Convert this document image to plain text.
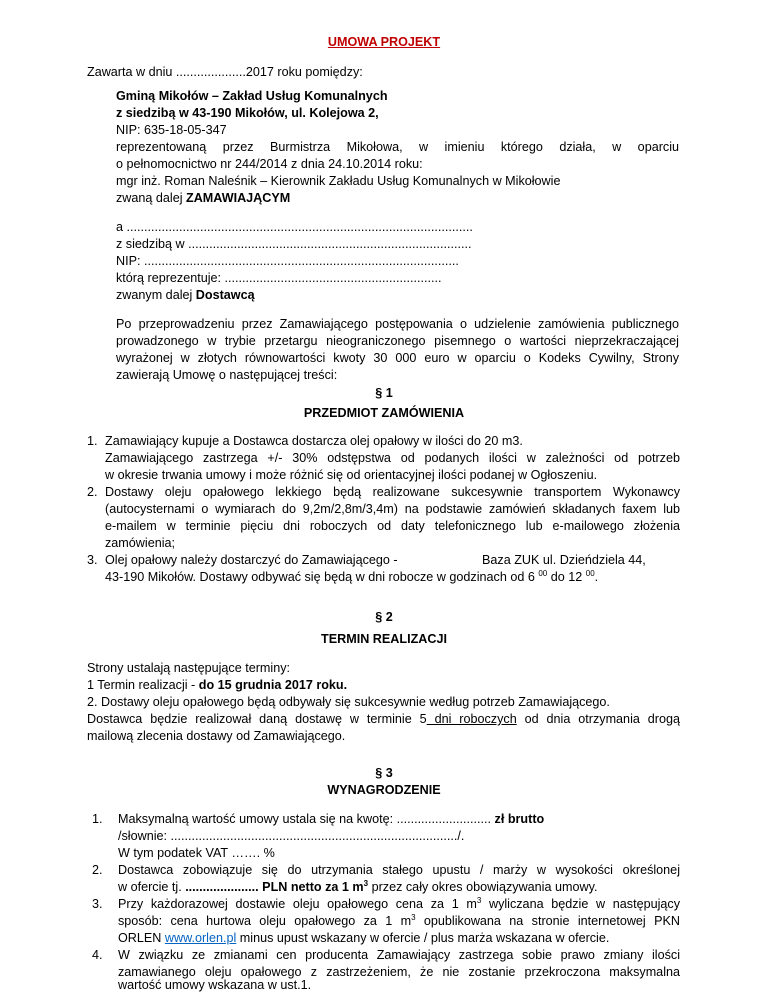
UMOWA PROJEKT
Zawarta w dniu ....................2017 roku pomiędzy:
Gminą Mikołów – Zakład Usług Komunalnych
z siedzibą w 43-190 Mikołów, ul. Kolejowa 2,
NIP: 635-18-05-347
reprezentowaną przez Burmistrza Mikołowa, w imieniu którego działa, w oparciu
o pełnomocnictwo nr 244/2014 z dnia 24.10.2014 roku:
mgr inż. Roman Naleśnik – Kierownik Zakładu Usług Komunalnych w Mikołowie
zwaną dalej ZAMAWIAJĄCYM
a ...................................................................................................
z siedzibą w .................................................................................
NIP: ..........................................................................................
którą reprezentuje: ..............................................................
zwanym dalej Dostawcą
Po przeprowadzeniu przez Zamawiającego postępowania o udzielenie zamówienia publicznego
prowadzonego w trybie przetargu nieograniczonego pisemnego o wartości nieprzekraczającej
wyrażonej w złotych równowartości kwoty 30 000 euro w oparciu o Kodeks Cywilny, Strony
zawierają Umowę o następującej treści:
§ 1
PRZEDMIOT ZAMÓWIENIA
1. Zamawiający kupuje a Dostawca dostarcza olej opałowy w ilości do 20 m3.
Zamawiającego zastrzega +/- 30% odstępstwa od podanych ilości w zależności od potrzeb
w okresie trwania umowy i może różnić się od orientacyjnej ilości podanej w Ogłoszeniu.
2. Dostawy oleju opałowego lekkiego będą realizowane sukcesywnie transportem Wykonawcy
(autocysternami o wymiarach do 9,2m/2,8m/3,4m) na podstawie zamówień składanych faxem lub
e-mailem w terminie pięciu dni roboczych od daty telefonicznego lub e-mailowego złożenia
zamówienia;
3. Olej opałowy należy dostarczyć do Zamawiającego -	Baza ZUK ul. Dzieńdziela 44,
43-190 Mikołów. Dostawy odbywać się będą w dni robocze w godzinach od 6 $^{00}$ do 12 $^{00}$.
§ 2
TERMIN REALIZACJI
Strony ustalają następujące terminy:
1 Termin realizacji - do 15 grudnia 2017 roku.
2. Dostawy oleju opałowego będą odbywały się sukcesywnie według potrzeb Zamawiającego.
Dostawca będzie realizował daną dostawę w terminie 5 dni roboczych od dnia otrzymania drogą
mailową zlecenia dostawy od Zamawiającego.
§ 3
WYNAGRODZENIE
1. Maksymalną wartość umowy ustala się na kwotę: ........................... zł brutto
/słownie: ................................................................................../.
W tym podatek VAT ……. %
2. Dostawca zobowiązuje się do utrzymania stałego upustu / marży w wysokości określonej
w ofercie tj. ..................... PLN netto za 1 $m^3$ przez cały okres obowiązywania umowy.
3. Przy każdorazowej dostawie oleju opałowego cena za 1 $m^3$ wyliczana będzie w następujący
sposób: cena hurtowa oleju opałowego za 1 $m^3$ opublikowana na stronie internetowej PKN
ORLEN www.orlen.pl minus upust wskazany w ofercie / plus marża wskazana w ofercie.
4. W związku ze zmianami cen producenta Zamawiający zastrzega sobie prawo zmiany ilości
zamawianego oleju opałowego z zastrzeżeniem, że nie zostanie przekroczona maksymalna
wartość umowy wskazana w ust.1.
